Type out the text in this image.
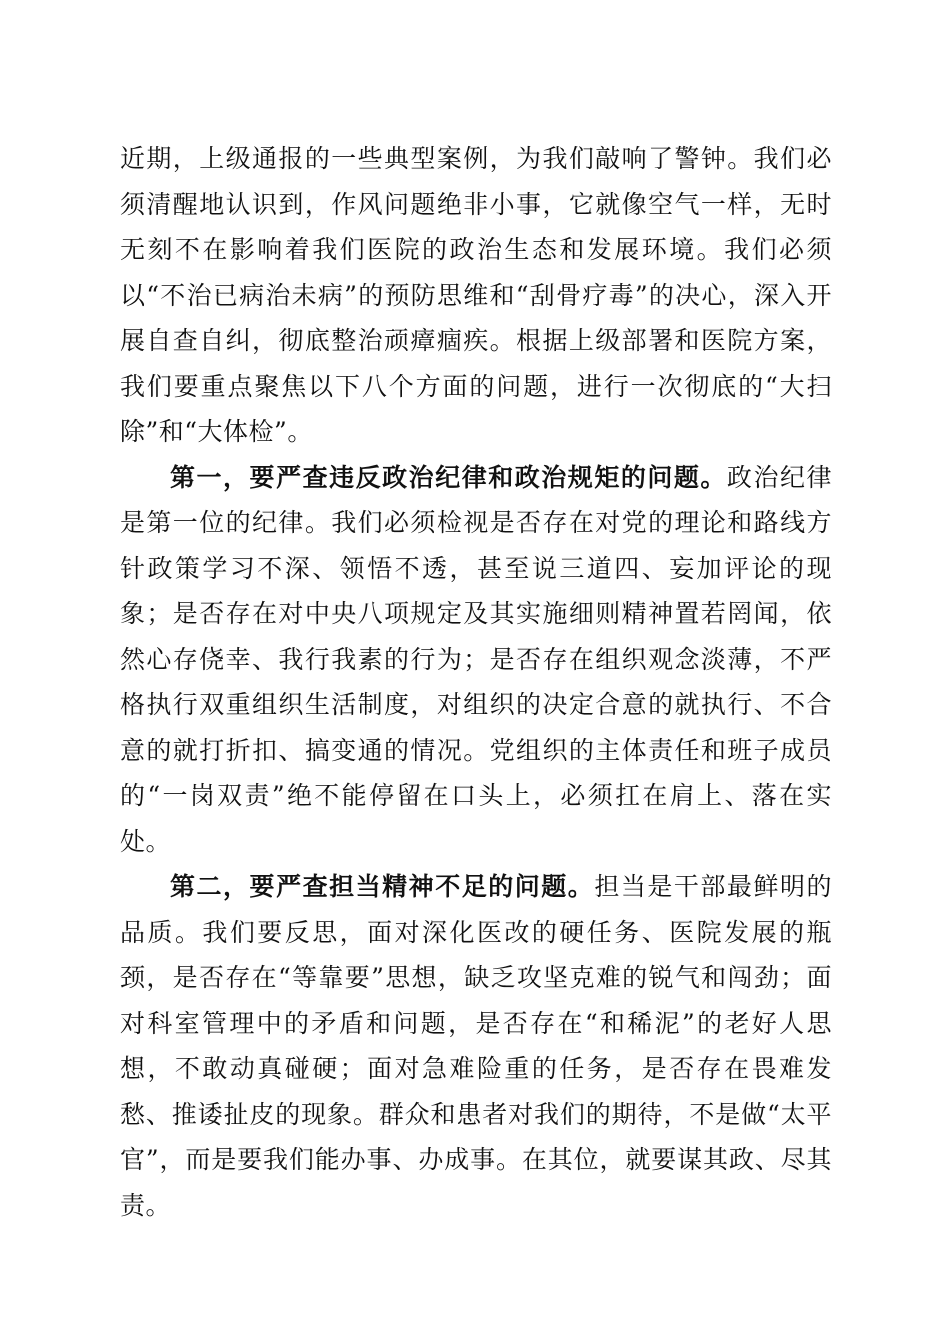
近期，上级通报的一些典型案例，为我们敲响了警钟。我们必须清醒地认识到，作风问题绝非小事，它就像空气一样，无时无刻不在影响着我们医院的政治生态和发展环境。我们必须以“不治已病治未病”的预防思维和“刮骨疗毒”的决心，深入开展自查自纠，彻底整治顽瘴痼疾。根据上级部署和医院方案，我们要重点聚焦以下八个方面的问题，进行一次彻底的“大扫除”和“大体检”。

第一，要严查违反政治纪律和政治规矩的问题。政治纪律是第一位的纪律。我们必须检视是否存在对党的理论和路线方针政策学习不深、领悟不透，甚至说三道四、妄加评论的现象；是否存在对中央八项规定及其实施细则精神置若罔闻，依然心存侥幸、我行我素的行为；是否存在组织观念淡薄，不严格执行双重组织生活制度，对组织的决定合意的就执行、不合意的就打折扣、搞变通的情况。党组织的主体责任和班子成员的“一岗双责”绝不能停留在口头上，必须扛在肩上、落在实处。

第二，要严查担当精神不足的问题。担当是干部最鲜明的品质。我们要反思，面对深化医改的硬任务、医院发展的瓶颈，是否存在“等靠要”思想，缺乏攻坚克难的锐气和闯劲；面对科室管理中的矛盾和问题，是否存在“和稀泥”的老好人思想，不敢动真碰硬；面对急难险重的任务，是否存在畏难发愁、推诿扯皮的现象。群众和患者对我们的期待，不是做“太平官”，而是要我们能办事、办成事。在其位，就要谋其政、尽其责。
